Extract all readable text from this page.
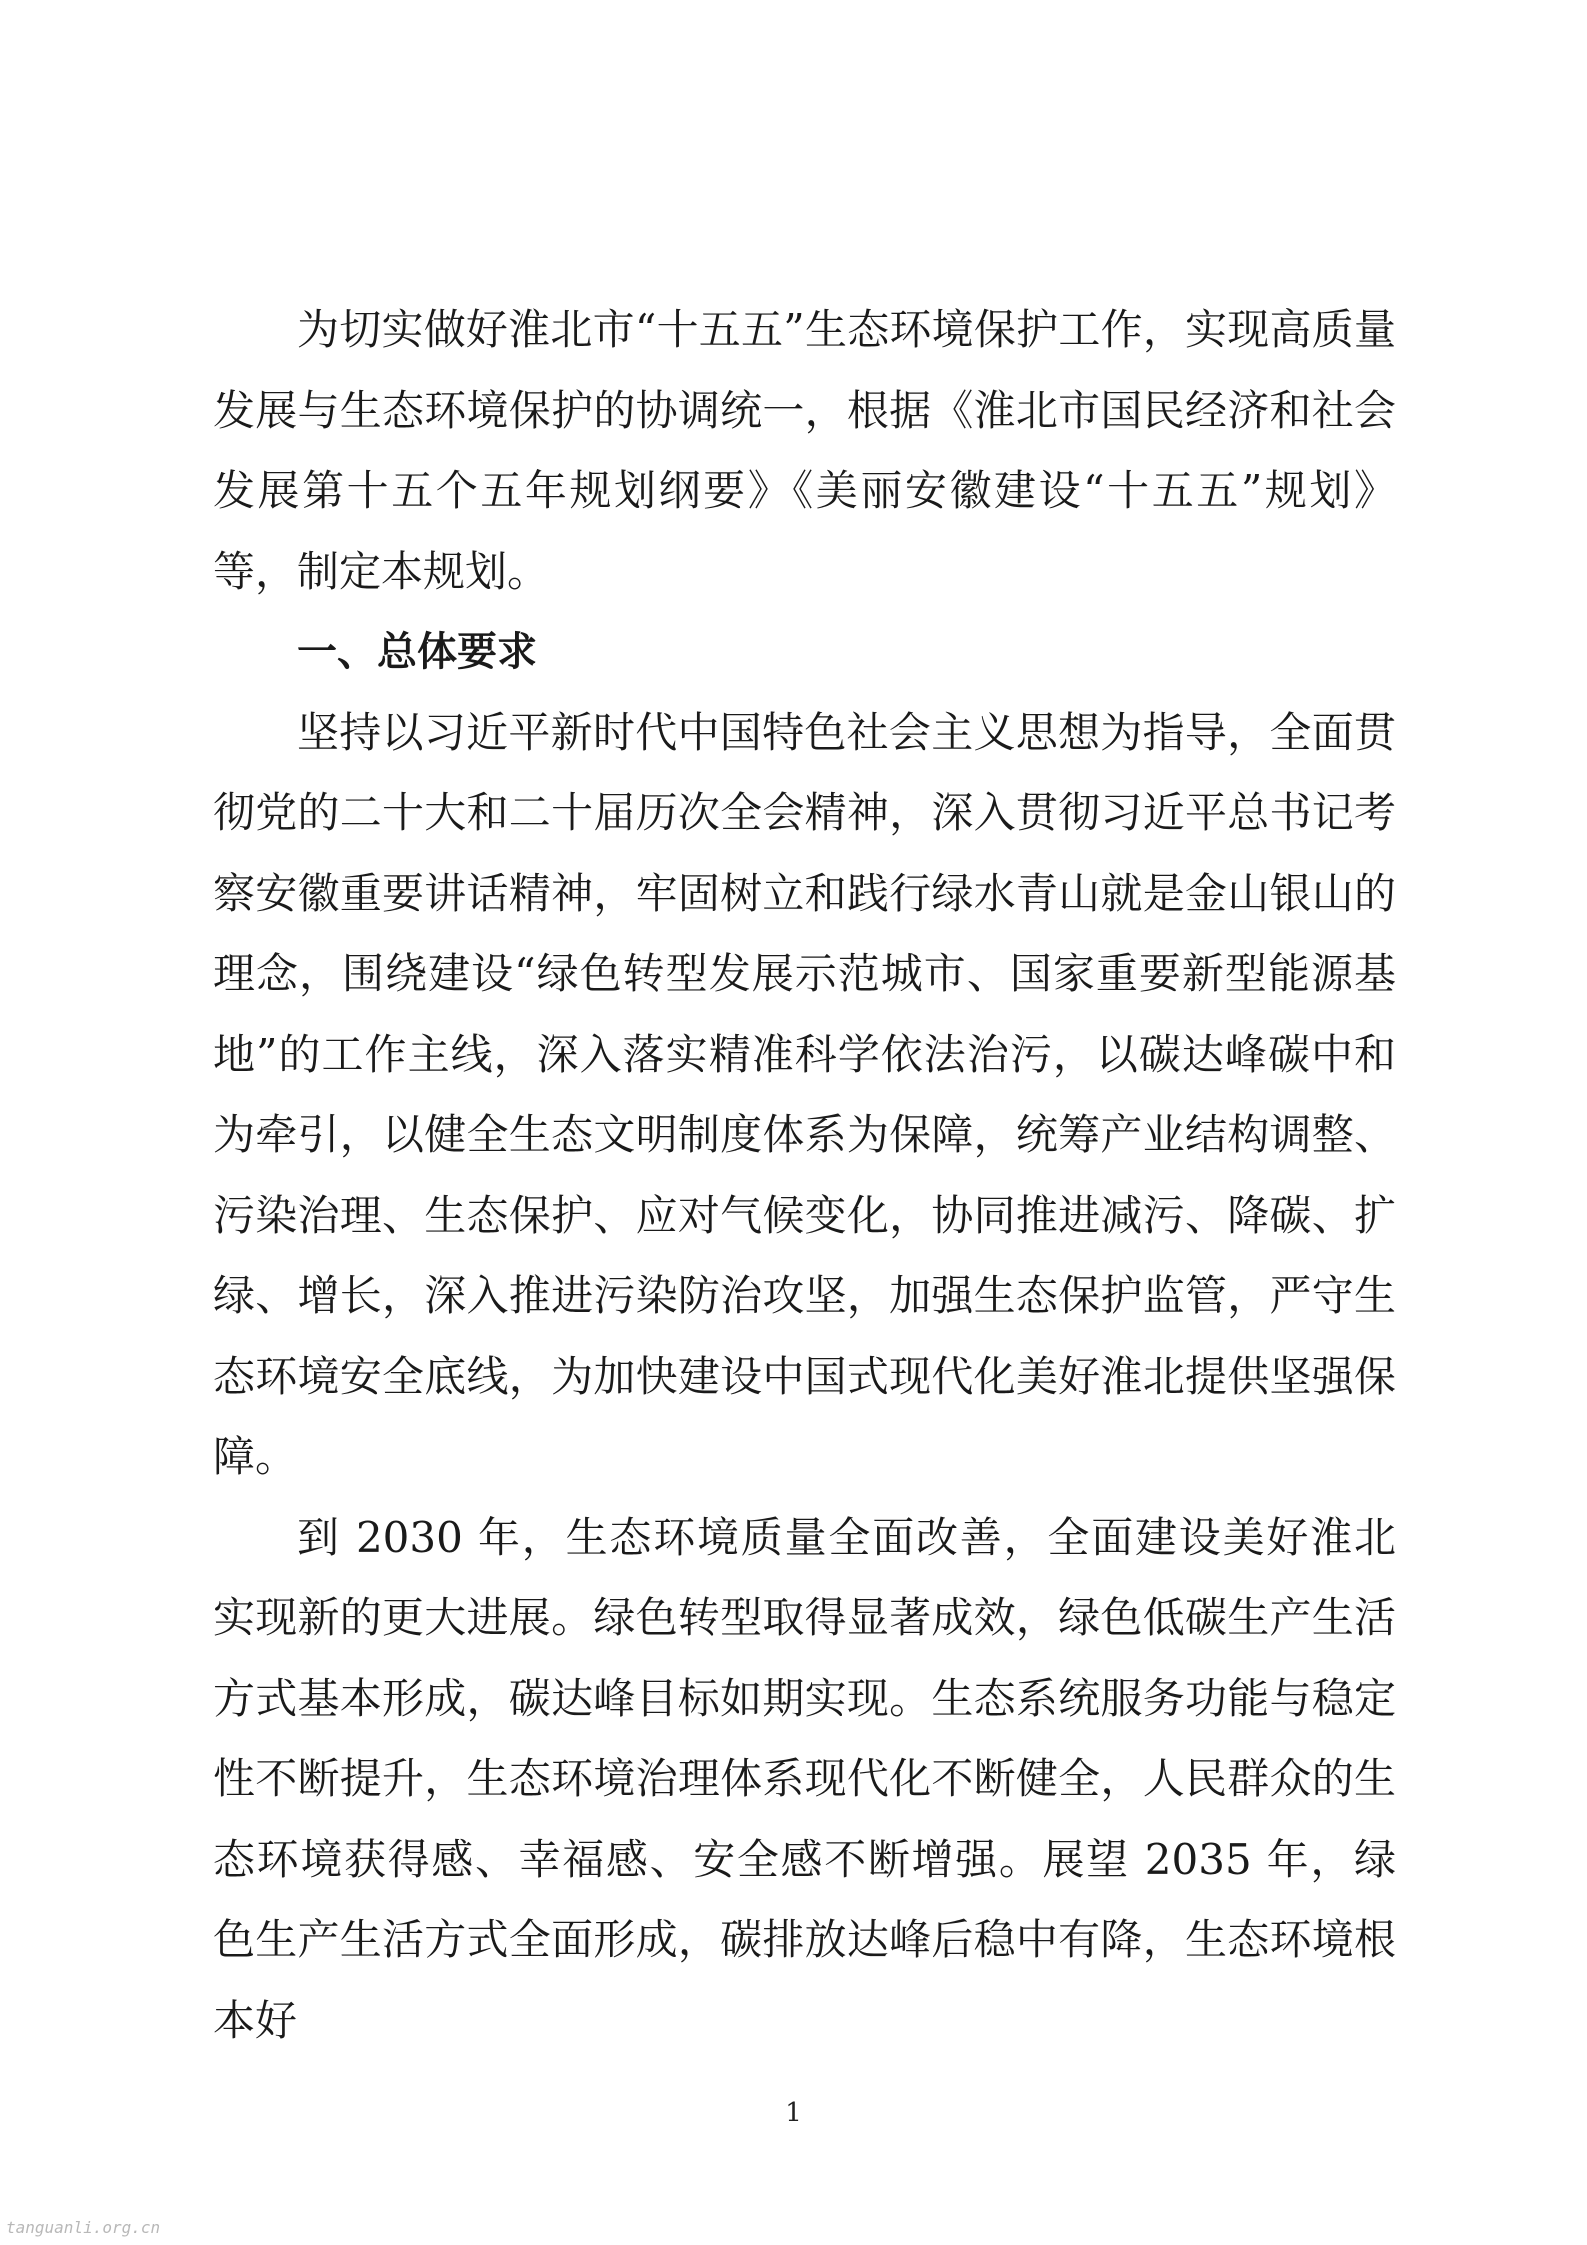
为切实做好淮北市“十五五”生态环境保护工作，实现高质量发展与生态环境保护的协调统一，根据《淮北市国民经济和社会发展第十五个五年规划纲要》《美丽安徽建设“十五五”规划》等，制定本规划。

一、总体要求

坚持以习近平新时代中国特色社会主义思想为指导，全面贯彻党的二十大和二十届历次全会精神，深入贯彻习近平总书记考察安徽重要讲话精神，牢固树立和践行绿水青山就是金山银山的理念，围绕建设“绿色转型发展示范城市、国家重要新型能源基地”的工作主线，深入落实精准科学依法治污，以碳达峰碳中和为牵引，以健全生态文明制度体系为保障，统筹产业结构调整、污染治理、生态保护、应对气候变化，协同推进减污、降碳、扩绿、增长，深入推进污染防治攻坚，加强生态保护监管，严守生态环境安全底线，为加快建设中国式现代化美好淮北提供坚强保障。

到 2030 年，生态环境质量全面改善，全面建设美好淮北实现新的更大进展。绿色转型取得显著成效，绿色低碳生产生活方式基本形成，碳达峰目标如期实现。生态系统服务功能与稳定性不断提升，生态环境治理体系现代化不断健全，人民群众的生态环境获得感、幸福感、安全感不断增强。展望 2035 年，绿色生产生活方式全面形成，碳排放达峰后稳中有降，生态环境根本好

1
tanguanli.org.cn
